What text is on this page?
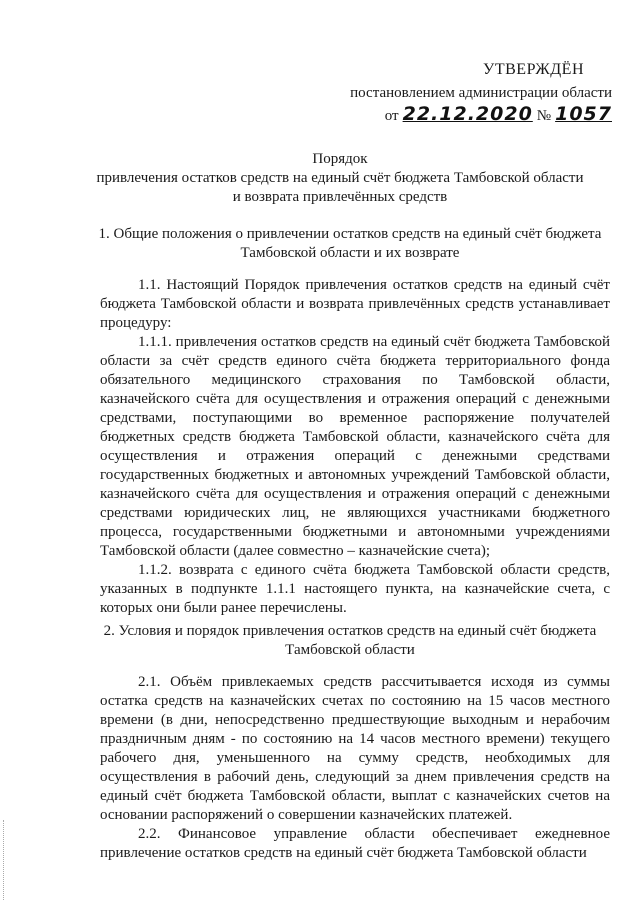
УТВЕРЖДЁН
постановлением администрации области
от 22.12.2020 № 1057
Порядок
привлечения остатков средств на единый счёт бюджета Тамбовской области
и возврата привлечённых средств
1. Общие положения о привлечении остатков средств на единый счёт бюджета Тамбовской области и их возврате

1.1. Настоящий Порядок привлечения остатков средств на единый счёт бюджета Тамбовской области и возврата привлечённых средств устанавливает процедуру:

1.1.1. привлечения остатков средств на единый счёт бюджета Тамбовской области за счёт средств единого счёта бюджета территориального фонда обязательного медицинского страхования по Тамбовской области, казначейского счёта для осуществления и отражения операций с денежными средствами, поступающими во временное распоряжение получателей бюджетных средств бюджета Тамбовской области, казначейского счёта для осуществления и отражения операций с денежными средствами государственных бюджетных и автономных учреждений Тамбовской области, казначейского счёта для осуществления и отражения операций с денежными средствами юридических лиц, не являющихся участниками бюджетного процесса, государственными бюджетными и автономными учреждениями Тамбовской области (далее совместно – казначейские счета);

1.1.2. возврата с единого счёта бюджета Тамбовской области средств, указанных в подпункте 1.1.1 настоящего пункта, на казначейские счета, с которых они были ранее перечислены.

2. Условия и порядок привлечения остатков средств на единый счёт бюджета Тамбовской области

2.1. Объём привлекаемых средств рассчитывается исходя из суммы остатка средств на казначейских счетах по состоянию на 15 часов местного времени (в дни, непосредственно предшествующие выходным и нерабочим праздничным дням - по состоянию на 14 часов местного времени) текущего рабочего дня, уменьшенного на сумму средств, необходимых для осуществления в рабочий день, следующий за днем привлечения средств на единый счёт бюджета Тамбовской области, выплат с казначейских счетов на основании распоряжений о совершении казначейских платежей.

2.2. Финансовое управление области обеспечивает ежедневное привлечение остатков средств на единый счёт бюджета Тамбовской области
